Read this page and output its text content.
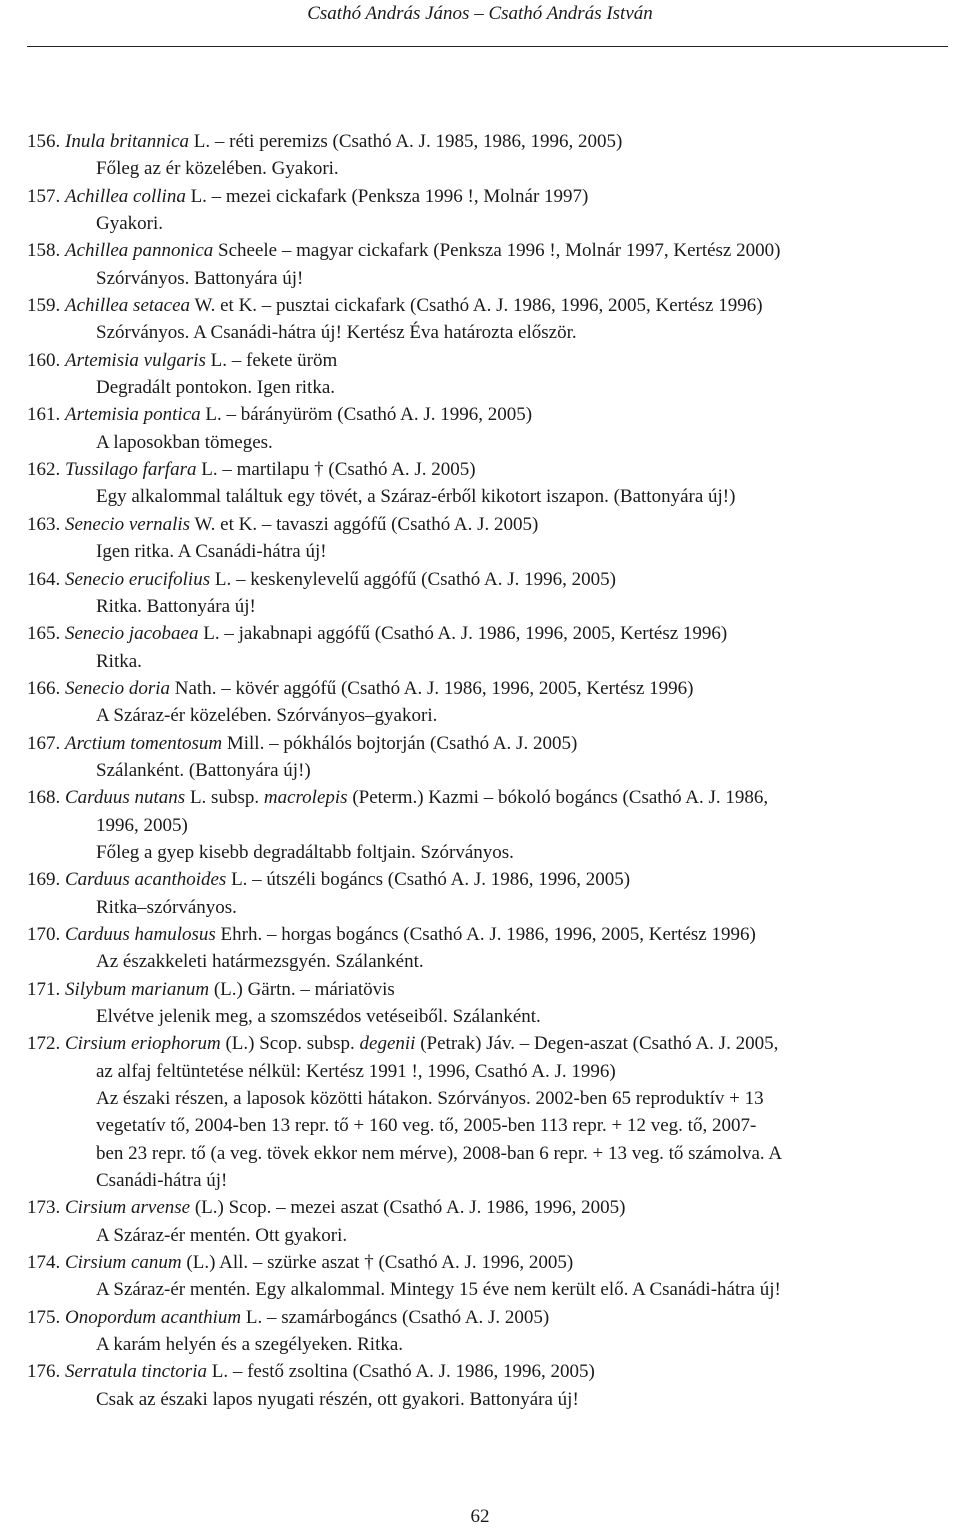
Csathó András János – Csathó András István
156. Inula britannica L. – réti peremizs (Csathó A. J. 1985, 1986, 1996, 2005)
Főleg az ér közelében. Gyakori.
157. Achillea collina L. – mezei cickafark (Penksza 1996 !, Molnár 1997)
Gyakori.
158. Achillea pannonica Scheele – magyar cickafark (Penksza 1996 !, Molnár 1997, Kertész 2000)
Szórványos. Battonyára új!
159. Achillea setacea W. et K. – pusztai cickafark (Csathó A. J. 1986, 1996, 2005, Kertész 1996)
Szórványos. A Csanádi-hátra új! Kertész Éva határozta először.
160. Artemisia vulgaris L. – fekete üröm
Degradált pontokon. Igen ritka.
161. Artemisia pontica L. – bárányüröm (Csathó A. J. 1996, 2005)
A laposokban tömeges.
162. Tussilago farfara L. – martilapu † (Csathó A. J. 2005)
Egy alkalommal találtuk egy tövét, a Száraz-érből kikotort iszapon. (Battonyára új!)
163. Senecio vernalis W. et K. – tavaszi aggófű (Csathó A. J. 2005)
Igen ritka. A Csanádi-hátra új!
164. Senecio erucifolius L. – keskenylevelű aggófű (Csathó A. J. 1996, 2005)
Ritka. Battonyára új!
165. Senecio jacobaea L. – jakabnapi aggófű (Csathó A. J. 1986, 1996, 2005, Kertész 1996)
Ritka.
166. Senecio doria Nath. – kövér aggófű (Csathó A. J. 1986, 1996, 2005, Kertész 1996)
A Száraz-ér közelében. Szórványos–gyakori.
167. Arctium tomentosum Mill. – pókhálós bojtorján (Csathó A. J. 2005)
Szálanként. (Battonyára új!)
168. Carduus nutans L. subsp. macrolepis (Peterm.) Kazmi – bókoló bogáncs (Csathó A. J. 1986,
1996, 2005)
Főleg a gyep kisebb degradáltabb foltjain. Szórványos.
169. Carduus acanthoides L. – útszéli bogáncs (Csathó A. J. 1986, 1996, 2005)
Ritka–szórványos.
170. Carduus hamulosus Ehrh. – horgas bogáncs (Csathó A. J. 1986, 1996, 2005, Kertész 1996)
Az északkeleti határmezsgyén. Szálanként.
171. Silybum marianum (L.) Gärtn. – máriatövis
Elvétve jelenik meg, a szomszédos vetéseiből. Szálanként.
172. Cirsium eriophorum (L.) Scop. subsp. degenii (Petrak) Jáv. – Degen-aszat (Csathó A. J. 2005,
az alfaj feltüntetése nélkül: Kertész 1991 !, 1996, Csathó A. J. 1996)
Az északi részen, a laposok közötti hátakon. Szórványos. 2002-ben 65 reproduktív + 13
vegetatív tő, 2004-ben 13 repr. tő + 160 veg. tő, 2005-ben 113 repr. + 12 veg. tő, 2007-
ben 23 repr. tő (a veg. tövek ekkor nem mérve), 2008-ban 6 repr. + 13 veg. tő számolva. A
Csanádi-hátra új!
173. Cirsium arvense (L.) Scop. – mezei aszat (Csathó A. J. 1986, 1996, 2005)
A Száraz-ér mentén. Ott gyakori.
174. Cirsium canum (L.) All. – szürke aszat † (Csathó A. J. 1996, 2005)
A Száraz-ér mentén. Egy alkalommal. Mintegy 15 éve nem került elő. A Csanádi-hátra új!
175. Onopordum acanthium L. – szamárbogáncs (Csathó A. J. 2005)
A karám helyén és a szegélyeken. Ritka.
176. Serratula tinctoria L. – festő zsoltina (Csathó A. J. 1986, 1996, 2005)
Csak az északi lapos nyugati részén, ott gyakori. Battonyára új!
62
